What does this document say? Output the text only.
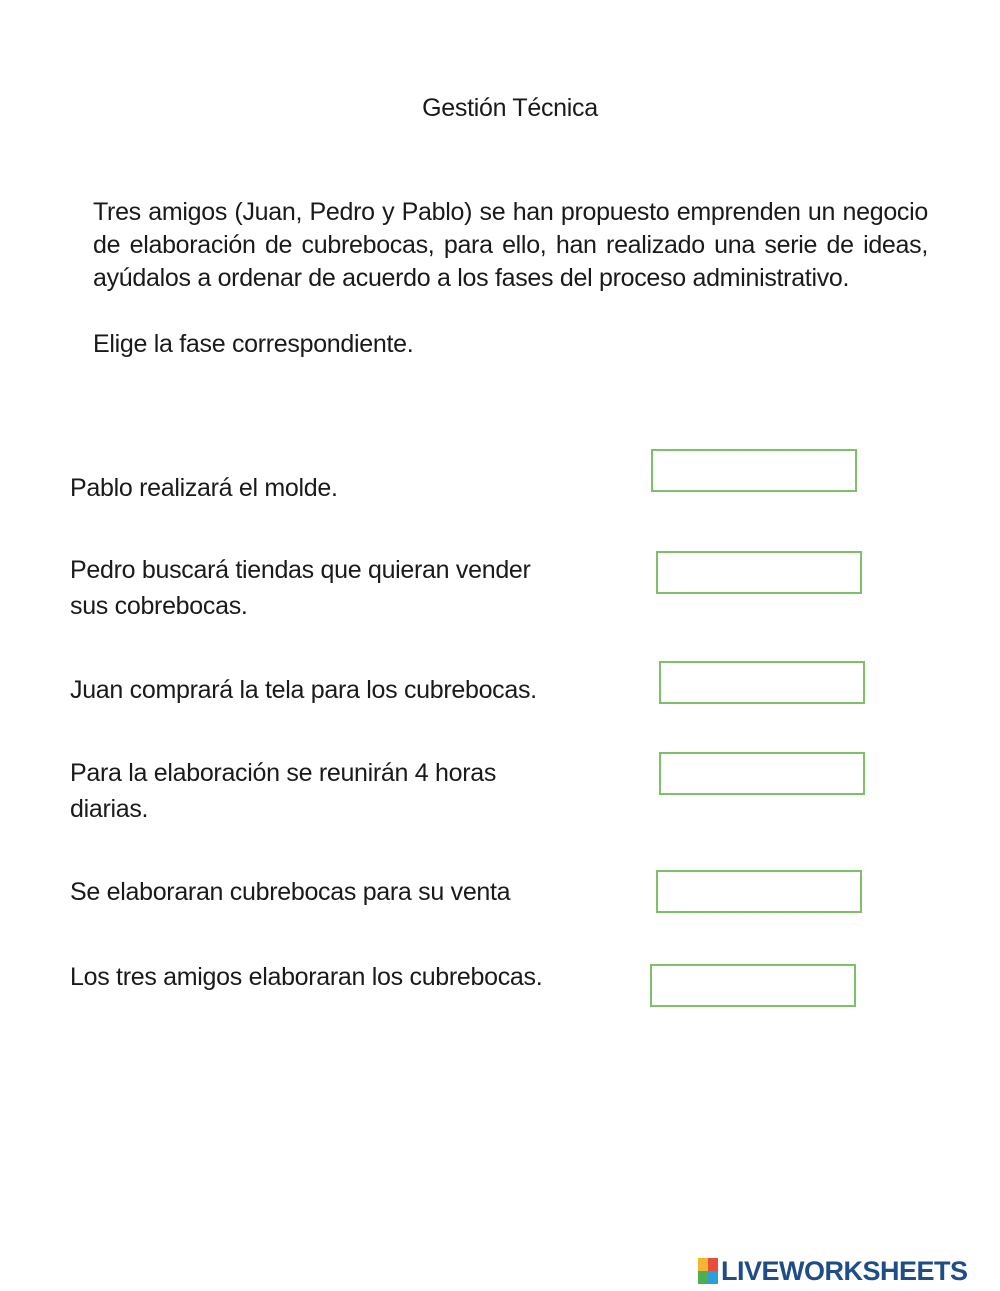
Gestión Técnica
Tres amigos (Juan, Pedro y Pablo) se han propuesto emprenden un negocio de elaboración de cubrebocas, para ello, han realizado una serie de ideas, ayúdalos a ordenar de acuerdo a los fases del proceso administrativo.
Elige la fase correspondiente.
Pablo realizará el molde.
Pedro buscará tiendas que quieran vender sus cobrebocas.
Juan comprará la tela para los cubrebocas.
Para la elaboración se reunirán 4 horas diarias.
Se elaboraran cubrebocas para su venta
Los tres amigos elaboraran los cubrebocas.
LIVEWORKSHEETS
